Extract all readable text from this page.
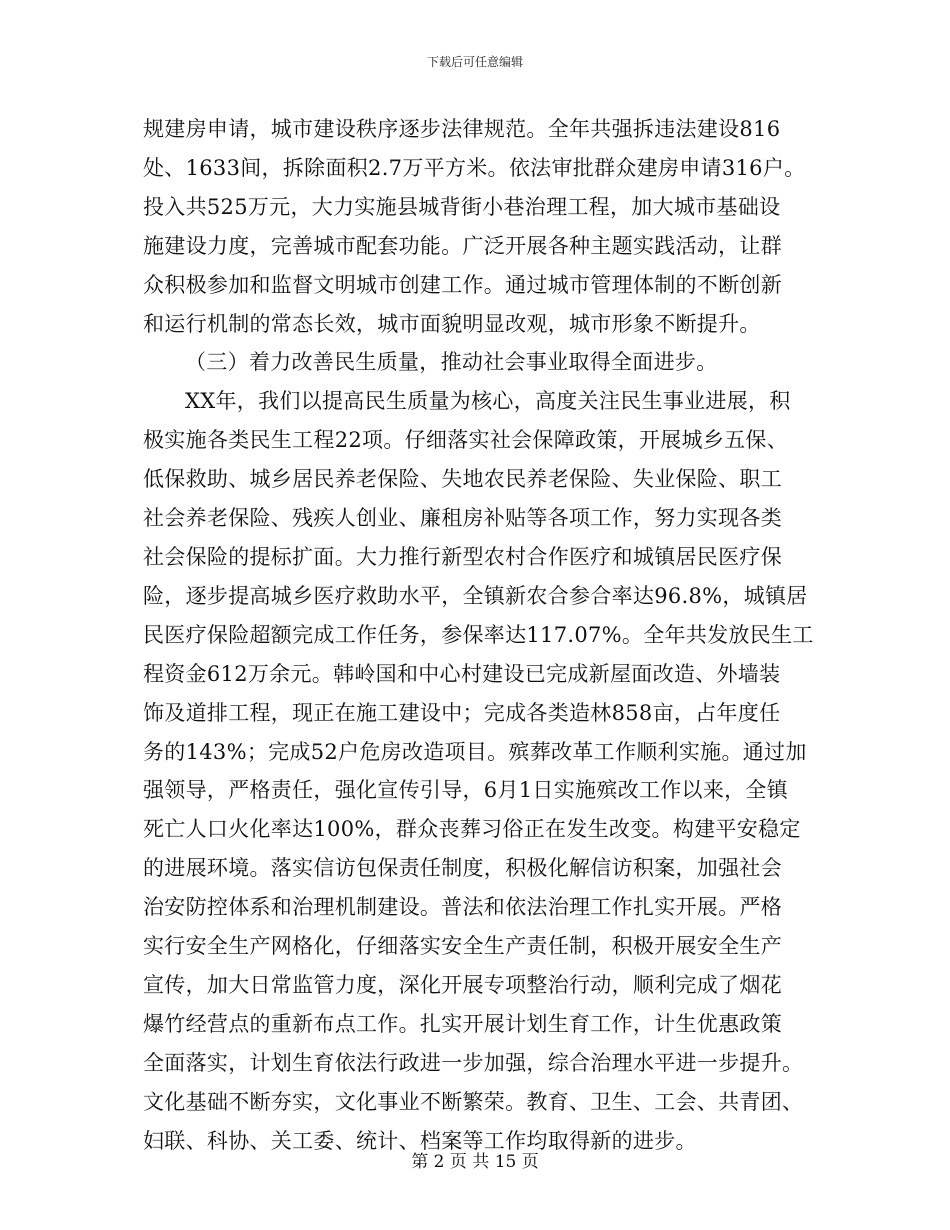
下载后可任意编辑
规建房申请，城市建设秩序逐步法律规范。全年共强拆违法建设816
处、1633间，拆除面积2.7万平方米。依法审批群众建房申请316户。
投入共525万元，大力实施县城背街小巷治理工程，加大城市基础设
施建设力度，完善城市配套功能。广泛开展各种主题实践活动，让群
众积极参加和监督文明城市创建工作。通过城市管理体制的不断创新
和运行机制的常态长效，城市面貌明显改观，城市形象不断提升。
（三）着力改善民生质量，推动社会事业取得全面进步。
XX年，我们以提高民生质量为核心，高度关注民生事业进展，积
极实施各类民生工程22项。仔细落实社会保障政策，开展城乡五保、
低保救助、城乡居民养老保险、失地农民养老保险、失业保险、职工
社会养老保险、残疾人创业、廉租房补贴等各项工作，努力实现各类
社会保险的提标扩面。大力推行新型农村合作医疗和城镇居民医疗保
险，逐步提高城乡医疗救助水平，全镇新农合参合率达96.8%，城镇居
民医疗保险超额完成工作任务，参保率达117.07%。全年共发放民生工
程资金612万余元。韩岭国和中心村建设已完成新屋面改造、外墙装
饰及道排工程，现正在施工建设中；完成各类造林858亩，占年度任
务的143%；完成52户危房改造项目。殡葬改革工作顺利实施。通过加
强领导，严格责任，强化宣传引导，6月1日实施殡改工作以来，全镇
死亡人口火化率达100%，群众丧葬习俗正在发生改变。构建平安稳定
的进展环境。落实信访包保责任制度，积极化解信访积案，加强社会
治安防控体系和治理机制建设。普法和依法治理工作扎实开展。严格
实行安全生产网格化，仔细落实安全生产责任制，积极开展安全生产
宣传，加大日常监管力度，深化开展专项整治行动，顺利完成了烟花
爆竹经营点的重新布点工作。扎实开展计划生育工作，计生优惠政策
全面落实，计划生育依法行政进一步加强，综合治理水平进一步提升。
文化基础不断夯实，文化事业不断繁荣。教育、卫生、工会、共青团、
妇联、科协、关工委、统计、档案等工作均取得新的进步。
第 2 页 共 15 页
